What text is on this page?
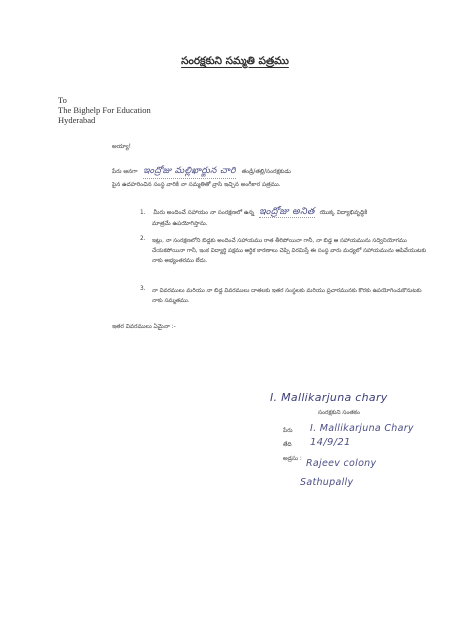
సంరక్షకుని సమ్మతి పత్రము
To
The Bighelp For Education
Hyderabad
అయ్యా!
పేరు ఆనగా ఇంద్రోజు మల్లిఖార్జున చారి తండ్రి/తల్లి/సంరక్షకుడు
పైన ఉదహరించిన సంస్థ వారికి నా సమ్మతితో వ్రాసి ఇచ్చిన అంగీకార పత్రము.
1. మీరు అందించే సహాయం నా సంరక్షణలో ఉన్న ఇంద్రోజు అనిత యొక్క విద్యాభివృద్ధికి
మాత్రమే ఉపయోగిస్తాను.
2. ఇట్లు, నా సంరక్షణలోని బిడ్డకు అందించే సహాయము రాత తీరిపోయినా గానీ, నా బిడ్డ ఆ సహాయమును సద్వినియోగము చేయకపోయినా గానీ, ఇంక విద్యార్థి పక్షము ఆర్థిక కారణాలు చెప్పి విరమిస్తే ఈ సంస్థ వారు మధ్యలో సహాయమును ఆపివేయుటకు నాకు అభ్యంతరము లేదు.
3. నా వివరములు మరియు నా బిడ్డ వివరములు దాతలకు ఇతర సంస్థలకు మరియు ప్రచారమునకు కొరకు ఉపయోగించుకొనుటకు నాకు సమ్మతము.
ఇతర వివరములు ఏమైనా :-
I. Mallikarjuna chary
సంరక్షకుని సంతకం
పేరు I. Mallikarjuna Chary
తేది 14/9/21
అడ్రసు : Rajeev colony
Sathupally
